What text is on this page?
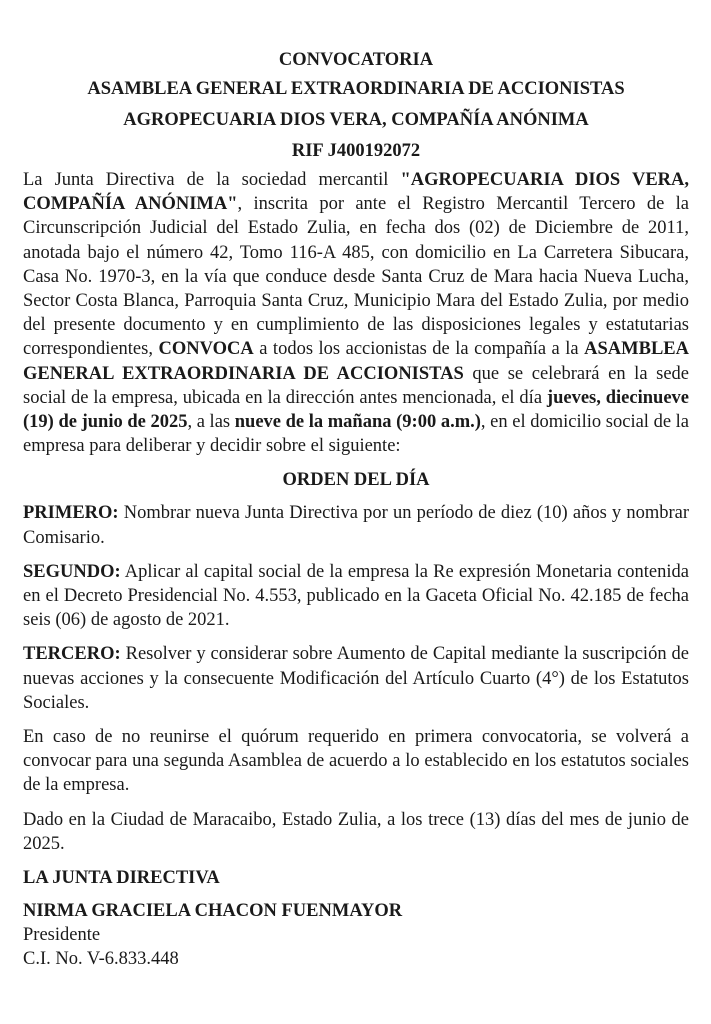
CONVOCATORIA

ASAMBLEA GENERAL EXTRAORDINARIA DE ACCIONISTAS

AGROPECUARIA DIOS VERA, COMPAÑÍA ANÓNIMA

RIF J400192072

La Junta Directiva de la sociedad mercantil "AGROPECUARIA DIOS VERA, COMPAÑÍA ANÓNIMA", inscrita por ante el Registro Mercantil Tercero de la Circunscripción Judicial del Estado Zulia, en fecha dos (02) de Diciembre de 2011, anotada bajo el número 42, Tomo 116-A 485, con domicilio en La Carretera Sibucara, Casa No. 1970-3, en la vía que conduce desde Santa Cruz de Mara hacia Nueva Lucha, Sector Costa Blanca, Parroquia Santa Cruz, Municipio Mara del Estado Zulia, por medio del presente documento y en cumplimiento de las disposiciones legales y estatutarias correspondientes, CONVOCA a todos los accionistas de la compañía a la ASAMBLEA GENERAL EXTRAORDINARIA DE ACCIONISTAS que se celebrará en la sede social de la empresa, ubicada en la dirección antes mencionada, el día jueves, diecinueve (19) de junio de 2025, a las nueve de la mañana (9:00 a.m.), en el domicilio social de la empresa para deliberar y decidir sobre el siguiente:

ORDEN DEL DÍA

PRIMERO: Nombrar nueva Junta Directiva por un período de diez (10) años y nombrar Comisario.

SEGUNDO: Aplicar al capital social de la empresa la Re expresión Monetaria contenida en el Decreto Presidencial No. 4.553, publicado en la Gaceta Oficial No. 42.185 de fecha seis (06) de agosto de 2021.

TERCERO: Resolver y considerar sobre Aumento de Capital mediante la suscripción de nuevas acciones y la consecuente Modificación del Artículo Cuarto (4°) de los Estatutos Sociales.

En caso de no reunirse el quórum requerido en primera convocatoria, se volverá a convocar para una segunda Asamblea de acuerdo a lo establecido en los estatutos sociales de la empresa.

Dado en la Ciudad de Maracaibo, Estado Zulia, a los trece (13) días del mes de junio de 2025.

LA JUNTA DIRECTIVA

NIRMA GRACIELA CHACON FUENMAYOR

Presidente

C.I. No. V-6.833.448
